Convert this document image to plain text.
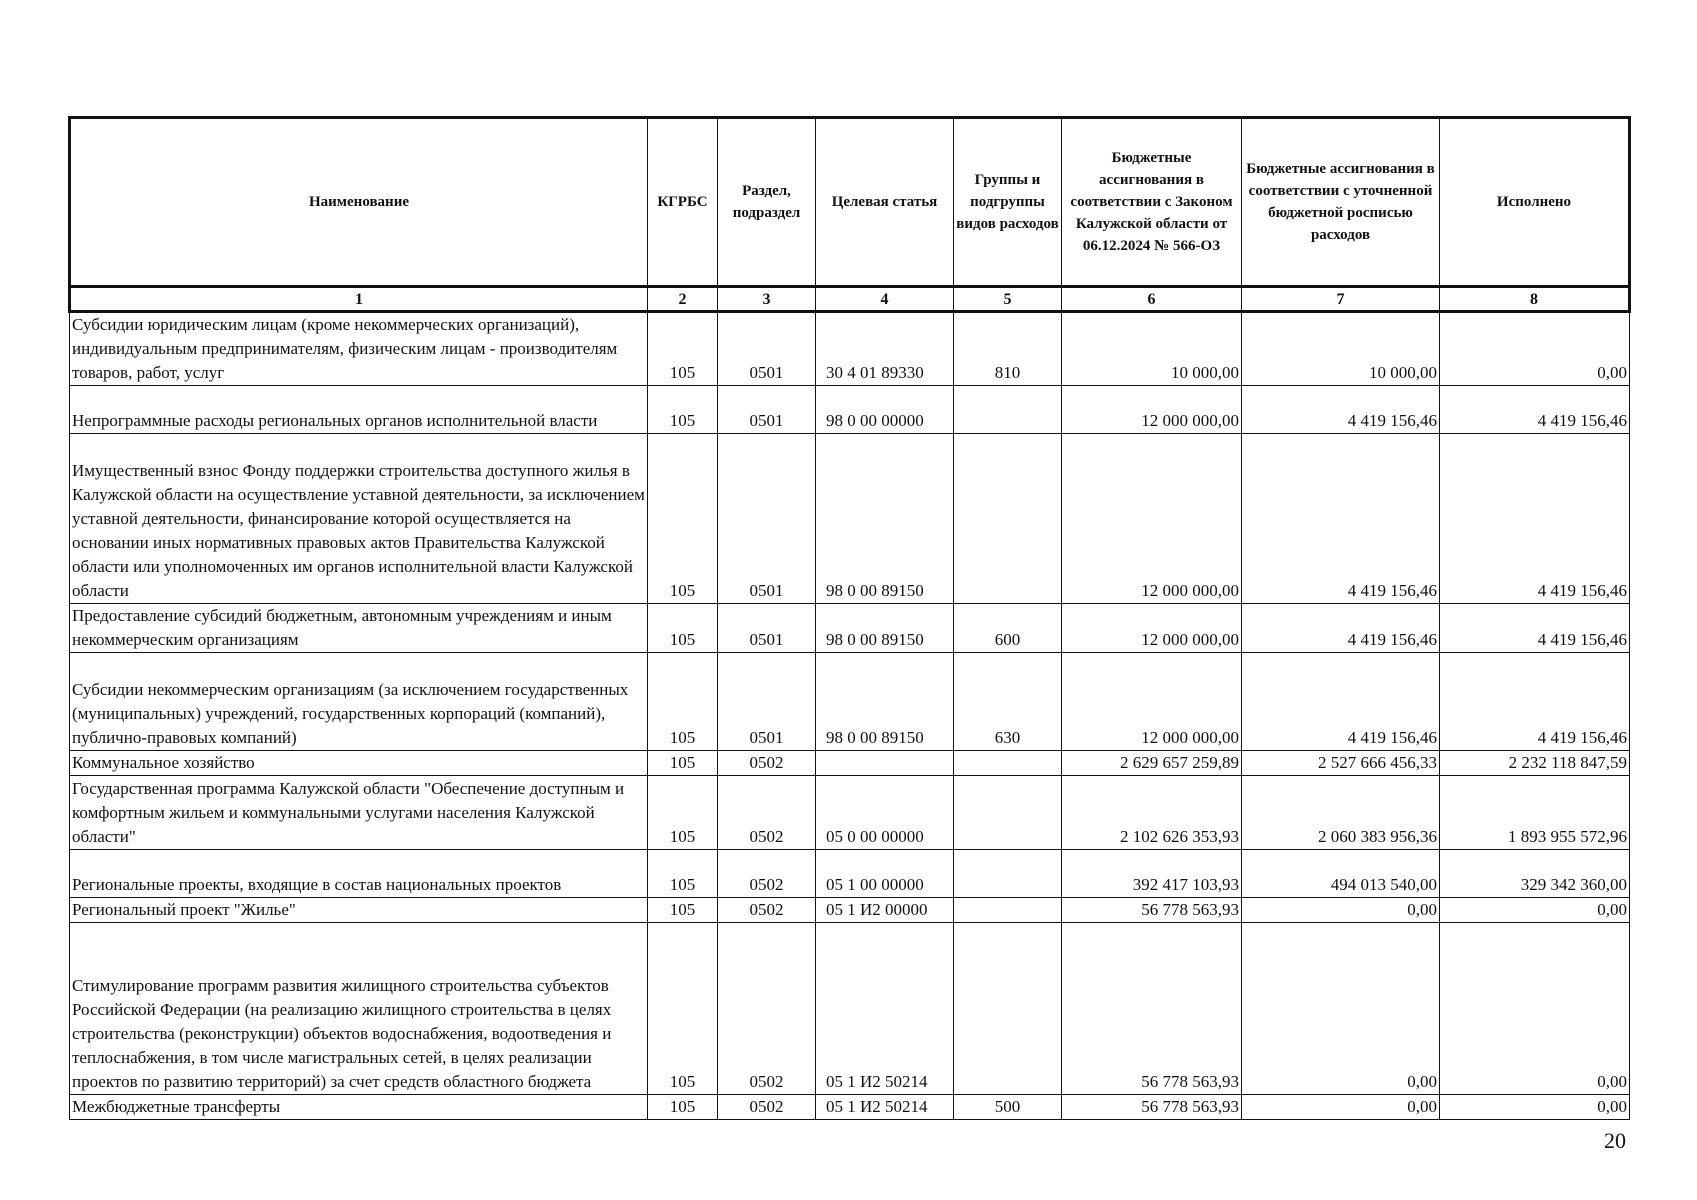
Наименование	КГРБС	Раздел, подраздел	Целевая статья	Группы и подгруппы видов расходов	Бюджетные ассигнования в соответствии с Законом Калужской области от 06.12.2024 № 566-ОЗ	Бюджетные ассигнования в соответствии с уточненной бюджетной росписью расходов	Исполнено
1	2	3	4	5	6	7	8
Субсидии юридическим лицам (кроме некоммерческих организаций), индивидуальным предпринимателям, физическим лицам - производителям товаров, работ, услуг	105	0501	30 4 01 89330	810	10 000,00	10 000,00	0,00
Непрограммные расходы региональных органов исполнительной власти	105	0501	98 0 00 00000		12 000 000,00	4 419 156,46	4 419 156,46
Имущественный взнос Фонду поддержки строительства доступного жилья в Калужской области на осуществление уставной деятельности, за исключением уставной деятельности, финансирование которой осуществляется на основании иных нормативных правовых актов Правительства Калужской области или уполномоченных им органов исполнительной власти Калужской области	105	0501	98 0 00 89150		12 000 000,00	4 419 156,46	4 419 156,46
Предоставление субсидий бюджетным, автономным учреждениям и иным некоммерческим организациям	105	0501	98 0 00 89150	600	12 000 000,00	4 419 156,46	4 419 156,46
Субсидии некоммерческим организациям (за исключением государственных (муниципальных) учреждений, государственных корпораций (компаний), публично-правовых компаний)	105	0501	98 0 00 89150	630	12 000 000,00	4 419 156,46	4 419 156,46
Коммунальное хозяйство	105	0502			2 629 657 259,89	2 527 666 456,33	2 232 118 847,59
Государственная программа Калужской области "Обеспечение доступным и комфортным жильем и коммунальными услугами населения Калужской области"	105	0502	05 0 00 00000		2 102 626 353,93	2 060 383 956,36	1 893 955 572,96
Региональные проекты, входящие в состав национальных проектов	105	0502	05 1 00 00000		392 417 103,93	494 013 540,00	329 342 360,00
Региональный проект "Жилье"	105	0502	05 1 И2 00000		56 778 563,93	0,00	0,00
Стимулирование программ развития жилищного строительства субъектов Российской Федерации (на реализацию жилищного строительства в целях строительства (реконструкции) объектов водоснабжения, водоотведения и теплоснабжения, в том числе магистральных сетей, в целях реализации проектов по развитию территорий) за счет средств областного бюджета	105	0502	05 1 И2 50214		56 778 563,93	0,00	0,00
Межбюджетные трансферты	105	0502	05 1 И2 50214	500	56 778 563,93	0,00	0,00
20
